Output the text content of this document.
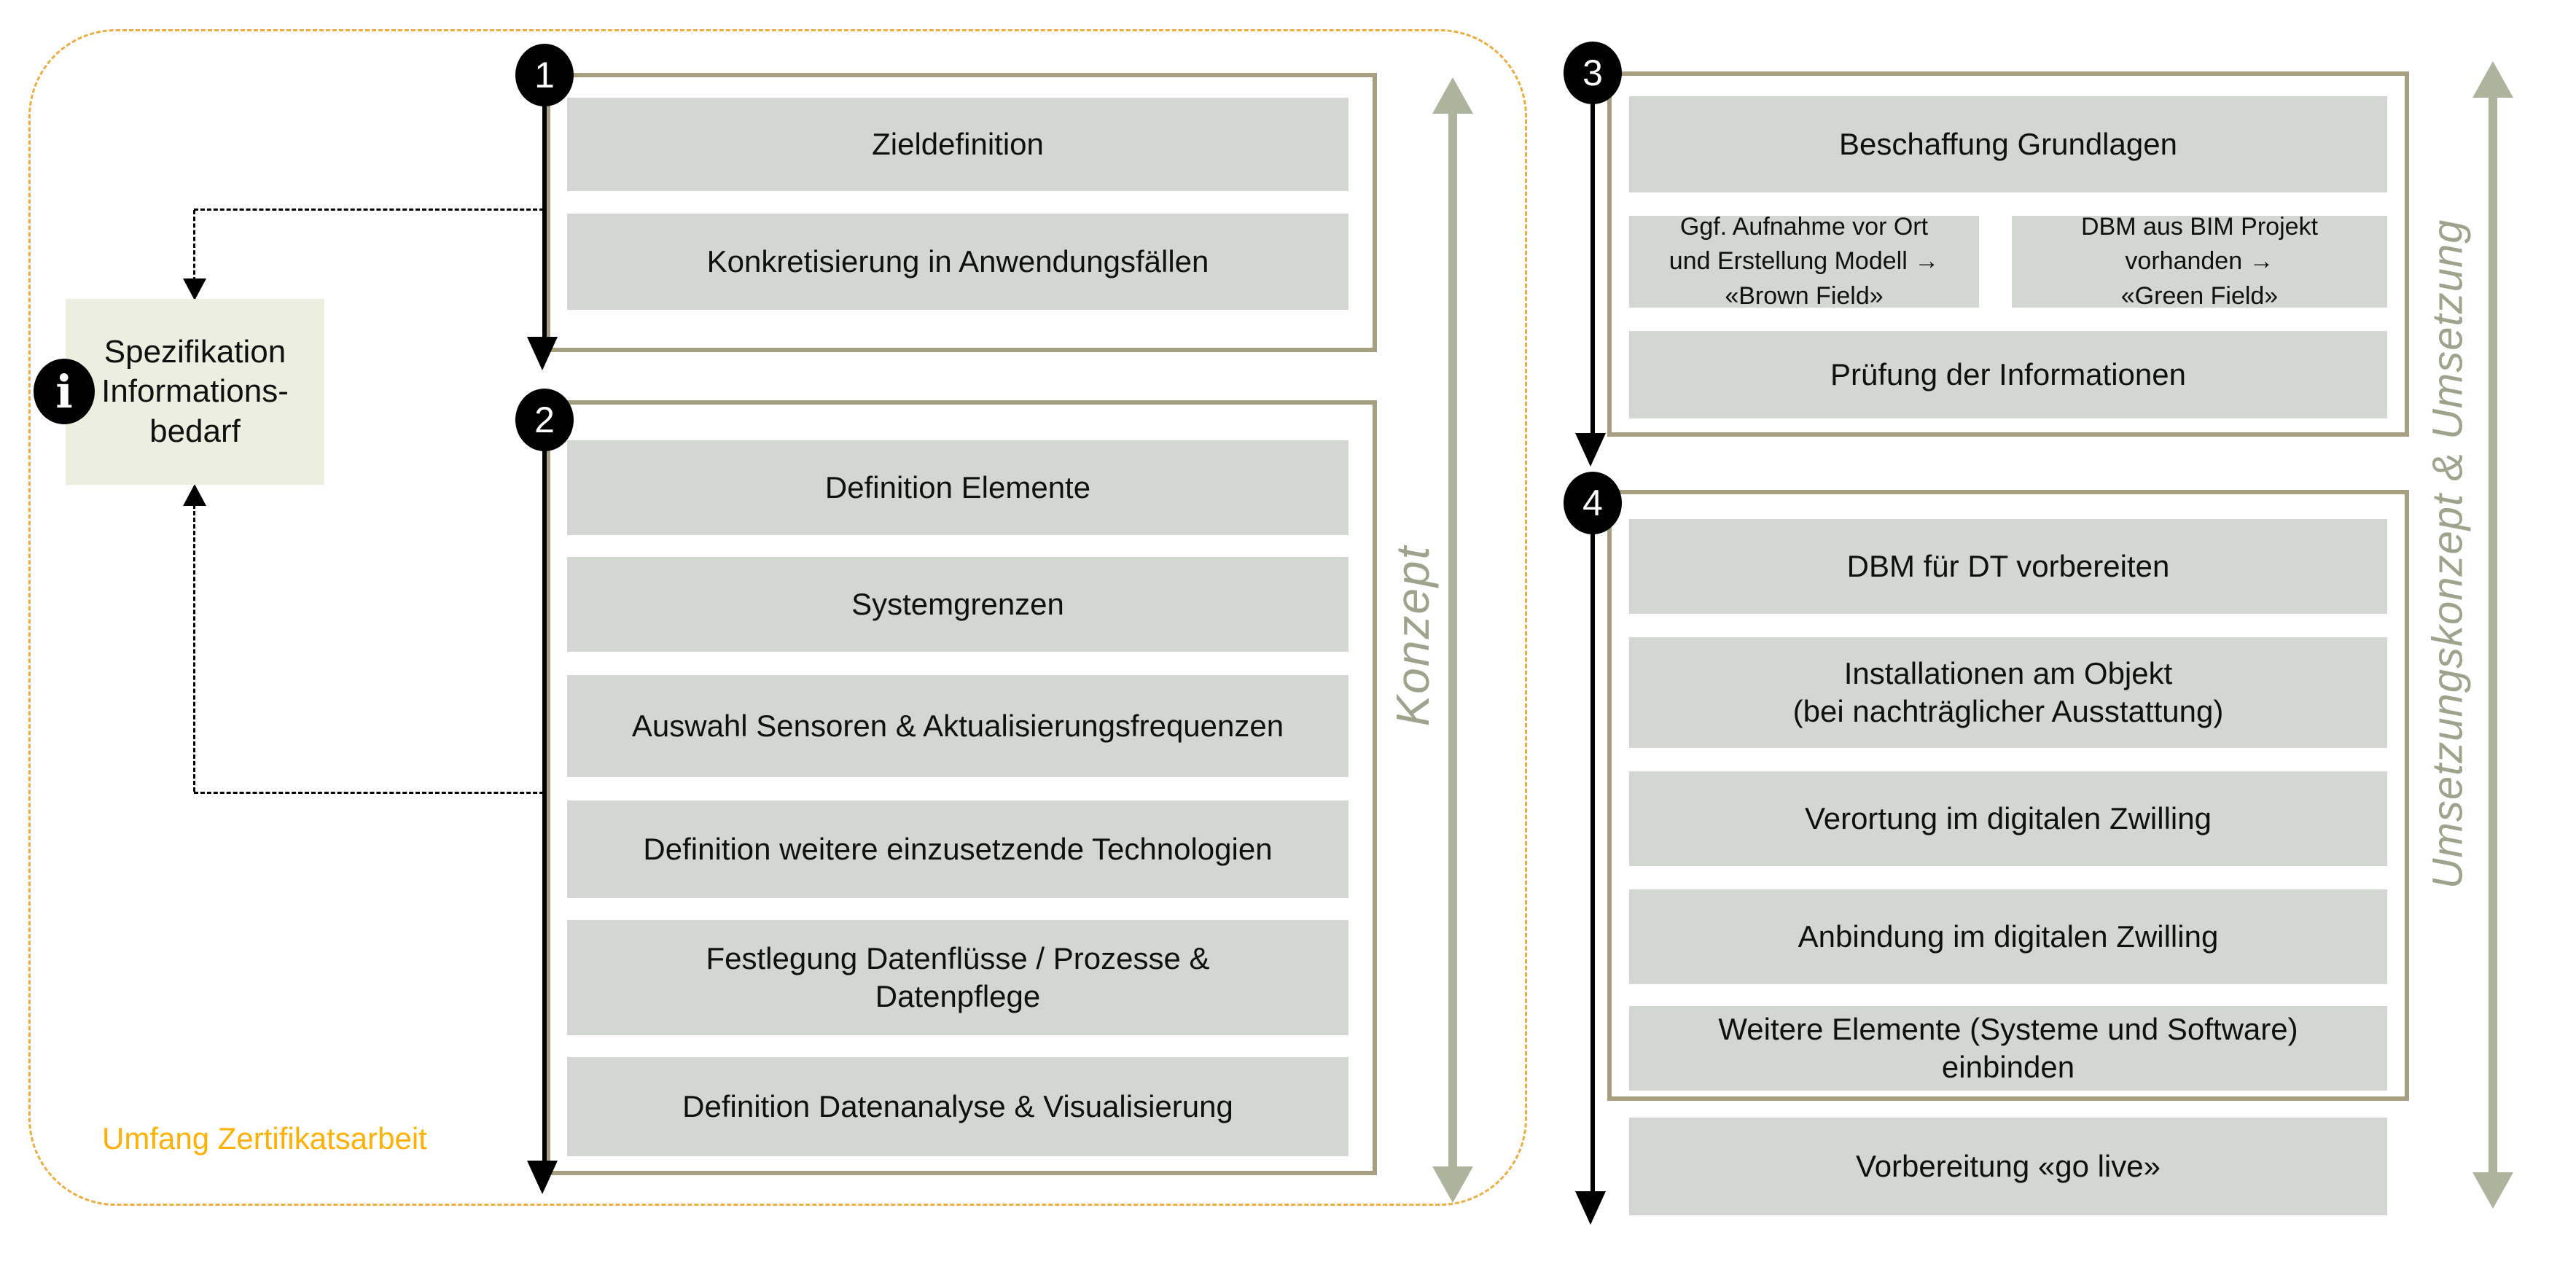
Umfang Zertifikatsarbeit
Spezifikation
Informations-
bedarf
i
1
Zieldefinition
Konkretisierung in Anwendungsfällen
2
Definition Elemente
Systemgrenzen
Auswahl Sensoren & Aktualisierungsfrequenzen
Definition weitere einzusetzende Technologien
Festlegung Datenflüsse / Prozesse &
Datenpflege
Definition Datenanalyse & Visualisierung
Konzept
3
Beschaffung Grundlagen
Ggf. Aufnahme vor Ort
und Erstellung Modell →
«Brown Field»
DBM aus BIM Projekt
vorhanden →
«Green Field»
Prüfung der Informationen
4
DBM für DT vorbereiten
Installationen am Objekt
(bei nachträglicher Ausstattung)
Verortung im digitalen Zwilling
Anbindung im digitalen Zwilling
Weitere Elemente (Systeme und Software)
einbinden
Vorbereitung «go live»
Umsetzungskonzept & Umsetzung
